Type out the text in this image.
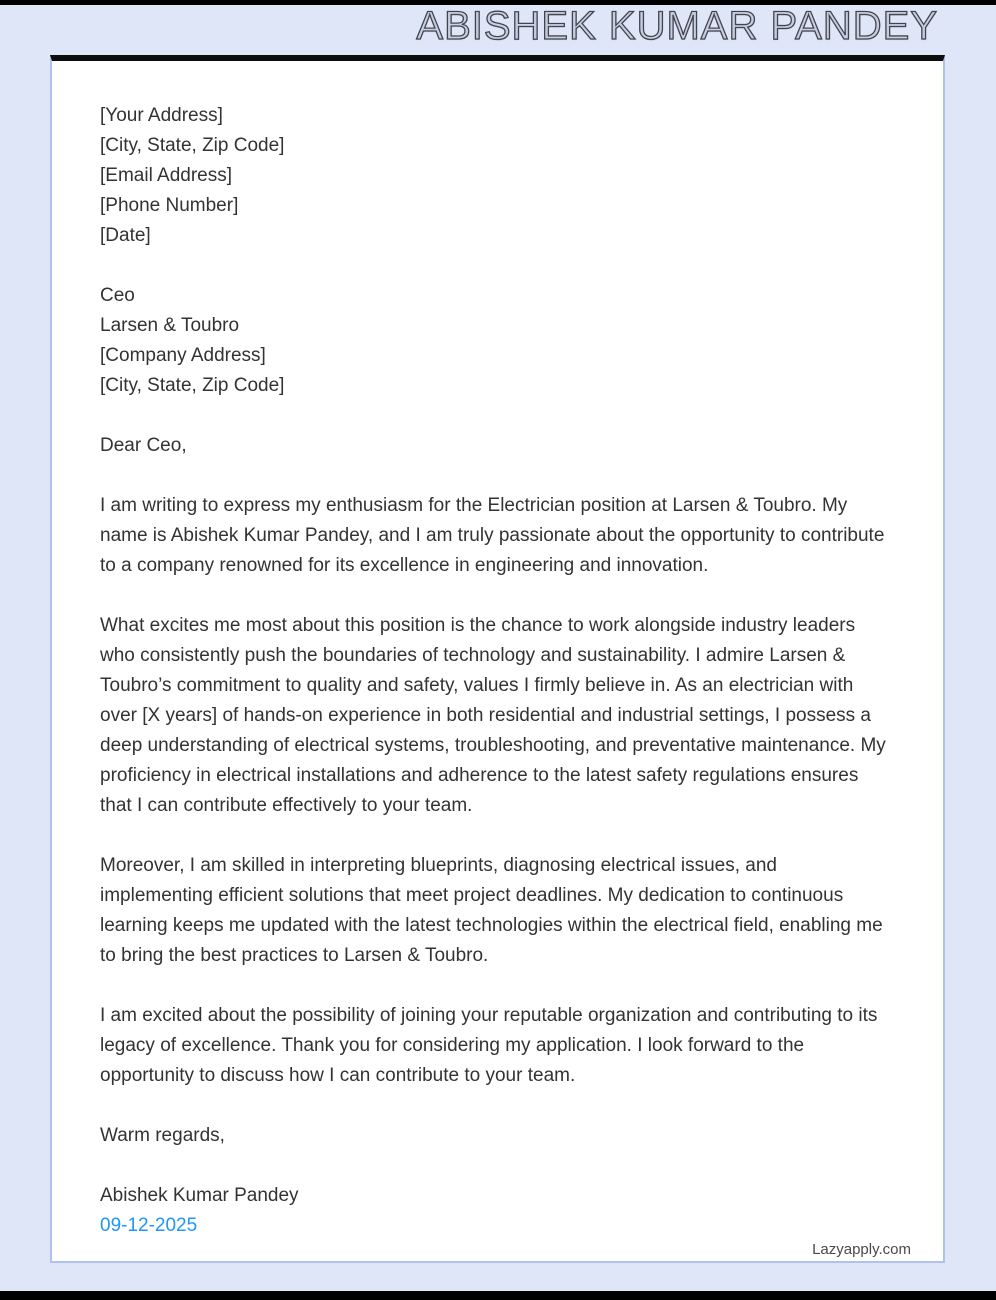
ABISHEK KUMAR PANDEY
[Your Address]
[City, State, Zip Code]
[Email Address]
[Phone Number]
[Date]
Ceo
Larsen & Toubro
[Company Address]
[City, State, Zip Code]
Dear Ceo,
I am writing to express my enthusiasm for the Electrician position at Larsen & Toubro. My name is Abishek Kumar Pandey, and I am truly passionate about the opportunity to contribute to a company renowned for its excellence in engineering and innovation.
What excites me most about this position is the chance to work alongside industry leaders who consistently push the boundaries of technology and sustainability. I admire Larsen & Toubro’s commitment to quality and safety, values I firmly believe in. As an electrician with over [X years] of hands-on experience in both residential and industrial settings, I possess a deep understanding of electrical systems, troubleshooting, and preventative maintenance. My proficiency in electrical installations and adherence to the latest safety regulations ensures that I can contribute effectively to your team.
Moreover, I am skilled in interpreting blueprints, diagnosing electrical issues, and implementing efficient solutions that meet project deadlines. My dedication to continuous learning keeps me updated with the latest technologies within the electrical field, enabling me to bring the best practices to Larsen & Toubro.
I am excited about the possibility of joining your reputable organization and contributing to its legacy of excellence. Thank you for considering my application. I look forward to the opportunity to discuss how I can contribute to your team.
Warm regards,
Abishek Kumar Pandey
09-12-2025
Lazyapply.com
